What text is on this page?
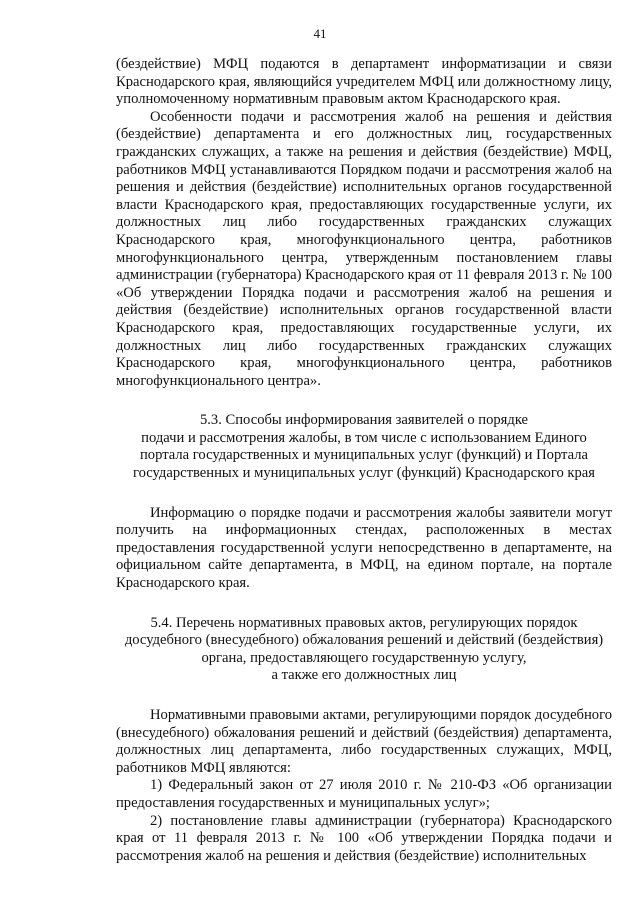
41

(бездействие) МФЦ подаются в департамент информатизации и связи Краснодарского края, являющийся учредителем МФЦ или должностному лицу, уполномоченному нормативным правовым актом Краснодарского края.

Особенности подачи и рассмотрения жалоб на решения и действия (бездействие) департамента и его должностных лиц, государственных гражданских служащих, а также на решения и действия (бездействие) МФЦ, работников МФЦ устанавливаются Порядком подачи и рассмотрения жалоб на решения и действия (бездействие) исполнительных органов государственной власти Краснодарского края, предоставляющих государственные услуги, их должностных лиц либо государственных гражданских служащих Краснодарского края, многофункционального центра, работников многофункционального центра, утвержденным постановлением главы администрации (губернатора) Краснодарского края от 11 февраля 2013 г. № 100 «Об утверждении Порядка подачи и рассмотрения жалоб на решения и действия (бездействие) исполнительных органов государственной власти Краснодарского края, предоставляющих государственные услуги, их должностных лиц либо государственных гражданских служащих Краснодарского края, многофункционального центра, работников многофункционального центра».

5.3. Способы информирования заявителей о порядке

подачи и рассмотрения жалобы, в том числе с использованием Единого

портала государственных и муниципальных услуг (функций) и Портала

государственных и муниципальных услуг (функций) Краснодарского края

Информацию о порядке подачи и рассмотрения жалобы заявители могут получить на информационных стендах, расположенных в местах предоставления государственной услуги непосредственно в департаменте, на официальном сайте департамента, в МФЦ, на едином портале, на портале Краснодарского края.

5.4. Перечень нормативных правовых актов, регулирующих порядок

досудебного (внесудебного) обжалования решений и действий (бездействия)

органа, предоставляющего государственную услугу,

а также его должностных лиц

Нормативными правовыми актами, регулирующими порядок досудебного (внесудебного) обжалования решений и действий (бездействия) департамента, должностных лиц департамента, либо государственных служащих, МФЦ, работников МФЦ являются:

1) Федеральный закон от 27 июля 2010 г. № 210-ФЗ «Об организации предоставления государственных и муниципальных услуг»;

2) постановление главы администрации (губернатора) Краснодарского края от 11 февраля 2013 г. № 100 «Об утверждении Порядка подачи и рассмотрения жалоб на решения и действия (бездействие) исполнительных
